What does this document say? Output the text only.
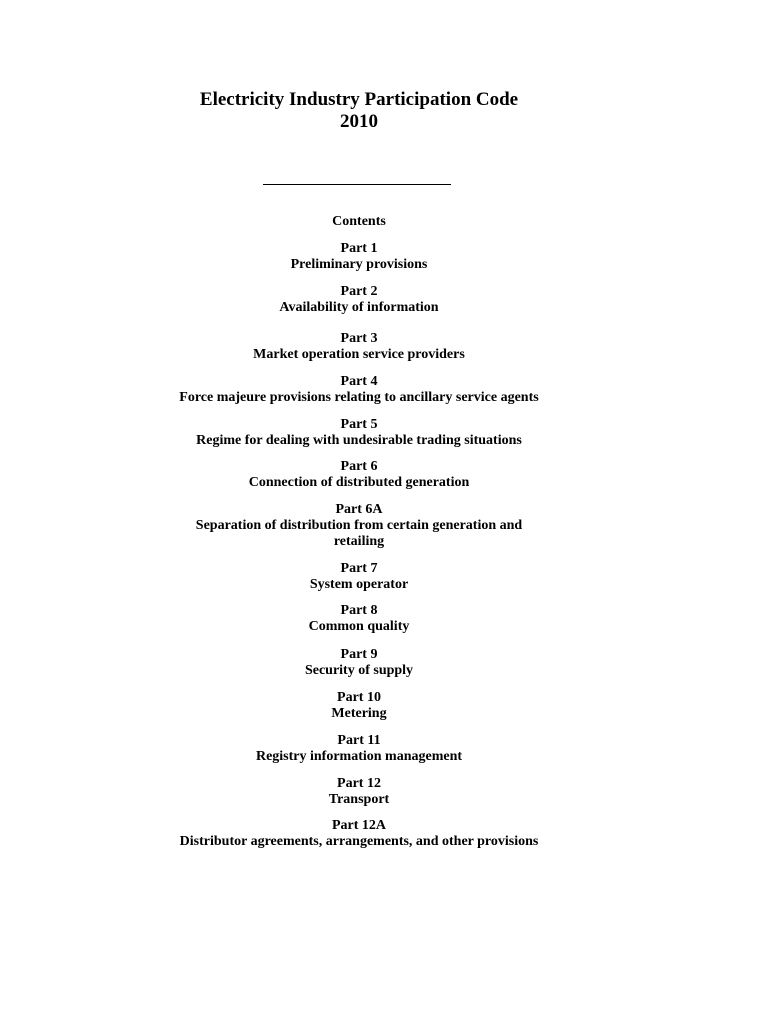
Electricity Industry Participation Code
2010
Contents
Part 1
Preliminary provisions
Part 2
Availability of information
Part 3
Market operation service providers
Part 4
Force majeure provisions relating to ancillary service agents
Part 5
Regime for dealing with undesirable trading situations
Part 6
Connection of distributed generation
Part 6A
Separation of distribution from certain generation and retailing
Part 7
System operator
Part 8
Common quality
Part 9
Security of supply
Part 10
Metering
Part 11
Registry information management
Part 12
Transport
Part 12A
Distributor agreements, arrangements, and other provisions
